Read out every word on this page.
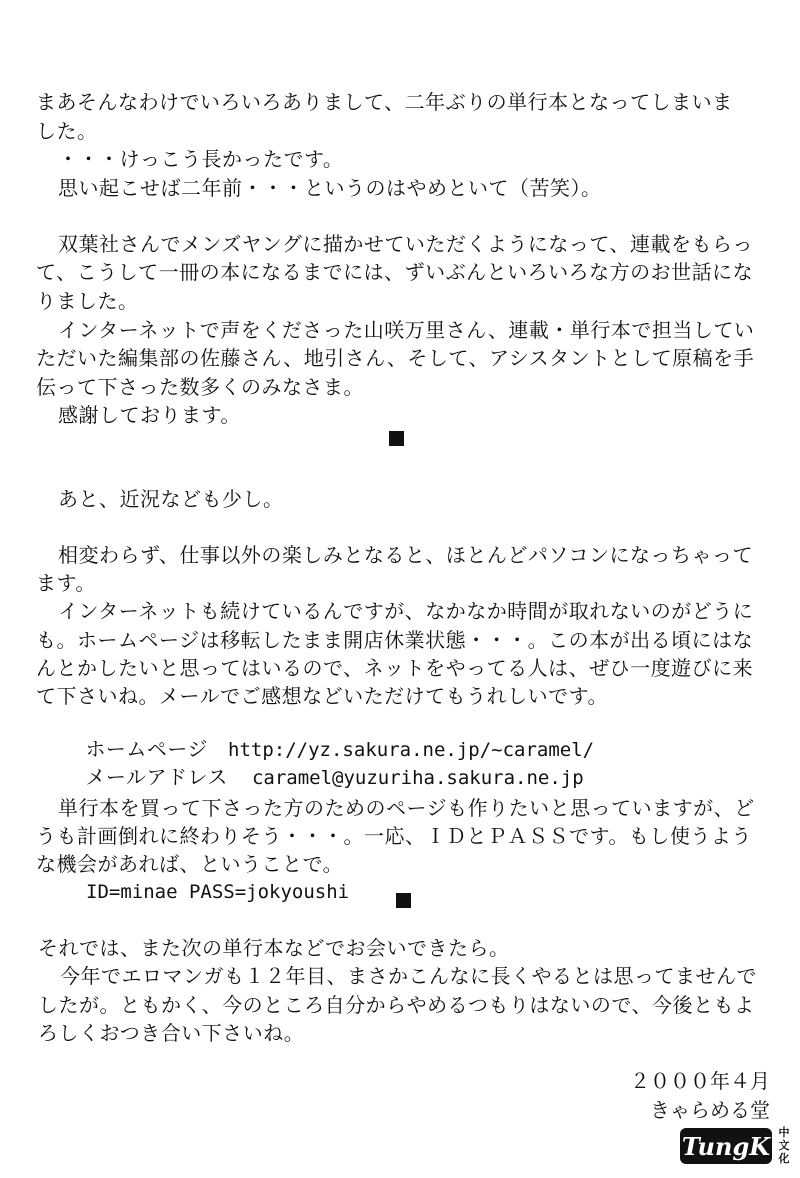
まあそんなわけでいろいろありまして、二年ぶりの単行本となってしまいま
した。
・・・けっこう長かったです。
思い起こせば二年前・・・というのはやめといて（苦笑）。
双葉社さんでメンズヤングに描かせていただくようになって、連載をもらっ
て、こうして一冊の本になるまでには、ずいぶんといろいろな方のお世話にな
りました。
インターネットで声をくださった山咲万里さん、連載・単行本で担当してい
ただいた編集部の佐藤さん、地引さん、そして、アシスタントとして原稿を手
伝って下さった数多くのみなさま。
感謝しております。
あと、近況なども少し。
相変わらず、仕事以外の楽しみとなると、ほとんどパソコンになっちゃって
ます。
インターネットも続けているんですが、なかなか時間が取れないのがどうに
も。ホームページは移転したまま開店休業状態・・・。この本が出る頃にはな
んとかしたいと思ってはいるので、ネットをやってる人は、ぜひ一度遊びに来
て下さいね。メールでご感想などいただけてもうれしいです。

ホームページ http://yz.sakura.ne.jp/~caramel/

メールアドレス caramel@yuzuriha.sakura.ne.jp

単行本を買って下さった方のためのページも作りたいと思っていますが、ど
うも計画倒れに終わりそう・・・。一応、ＩＤとＰＡＳＳです。もし使うよう
な機会があれば、ということで。
ID=minae PASS=jokyoushi
それでは、また次の単行本などでお会いできたら。
今年でエロマンガも１２年目、まさかこんなに長くやるとは思ってませんで
したが。ともかく、今のところ自分からやめるつもりはないので、今後ともよ
ろしくおつき合い下さいね。
２０００年４月
きゃらめる堂
TungK 中
文
化
